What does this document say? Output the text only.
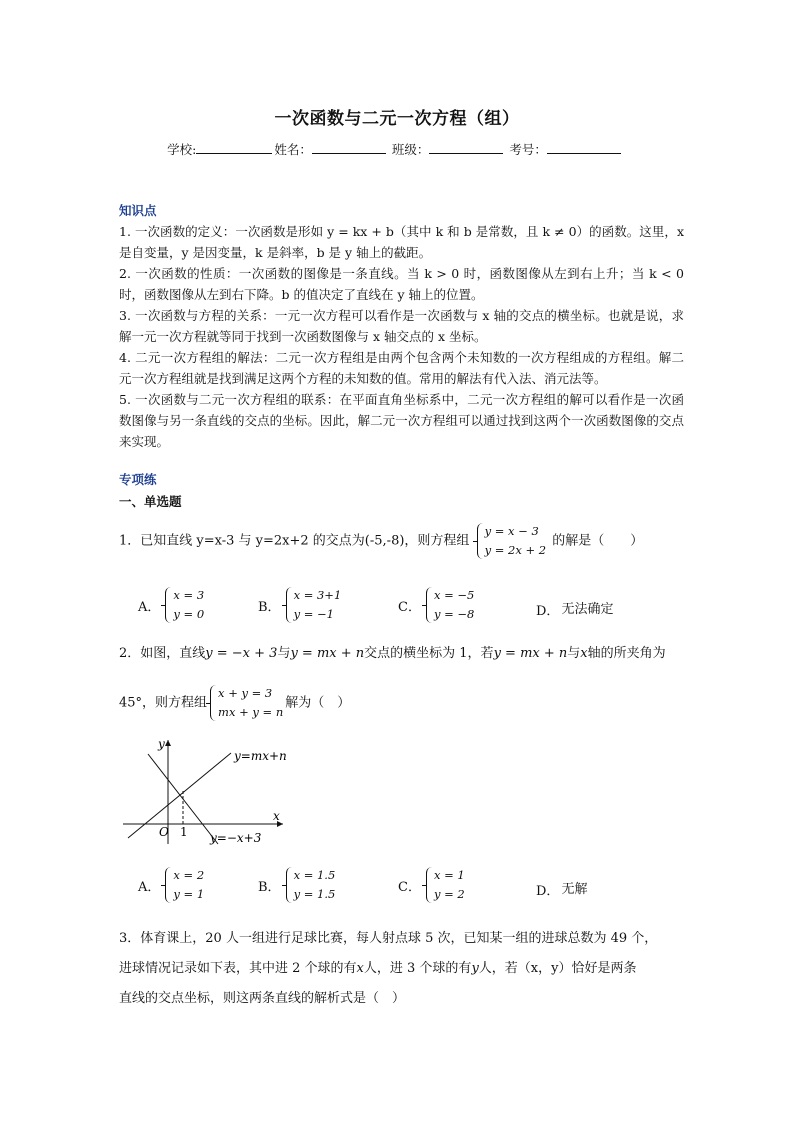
一次函数与二元一次方程（组）
学校:	姓名：	班级：	考号：
知识点
1. 一次函数的定义：一次函数是形如 y = kx + b（其中 k 和 b 是常数，且 k ≠ 0）的函数。这里，x 是自变量，y 是因变量，k 是斜率，b 是 y 轴上的截距。
2. 一次函数的性质：一次函数的图像是一条直线。当 k > 0 时，函数图像从左到右上升；当 k < 0 时，函数图像从左到右下降。b 的值决定了直线在 y 轴上的位置。
3. 一次函数与方程的关系：一元一次方程可以看作是一次函数与 x 轴的交点的横坐标。也就是说，求解一元一次方程就等同于找到一次函数图像与 x 轴交点的 x 坐标。
4. 二元一次方程组的解法：二元一次方程组是由两个包含两个未知数的一次方程组成的方程组。解二元一次方程组就是找到满足这两个方程的未知数的值。常用的解法有代入法、消元法等。
5. 一次函数与二元一次方程组的联系：在平面直角坐标系中，二元一次方程组的解可以看作是一次函数图像与另一条直线的交点的坐标。因此，解二元一次方程组可以通过找到这两个一次函数图像的交点来实现。
专项练
一、单选题
1．已知直线 y=x-3 与 y=2x+2 的交点为(-5,-8)，则方程组 y = x − 3
y = 2x + 2 的解是（　　）
A．x = 3
y = 0	B．x = 3+1
y = −1	C．x = −5
y = −8	D． 无法确定
2．如图，直线y = −x + 3与y = mx + n交点的横坐标为 1，若y = mx + n与x轴的所夹角为
45°，则方程组x + y = 3
mx + y = n解为（　）
y
x
O 1
y=mx+n
y=−x+3
A．x = 2
y = 1	B．x = 1.5
y = 1.5	C．x = 1
y = 2	D． 无解
3．体育课上，20 人一组进行足球比赛，每人射点球 5 次，已知某一组的进球总数为 49 个，
进球情况记录如下表，其中进 2 个球的有x人，进 3 个球的有y人，若（x，y）恰好是两条
直线的交点坐标，则这两条直线的解析式是（　）
